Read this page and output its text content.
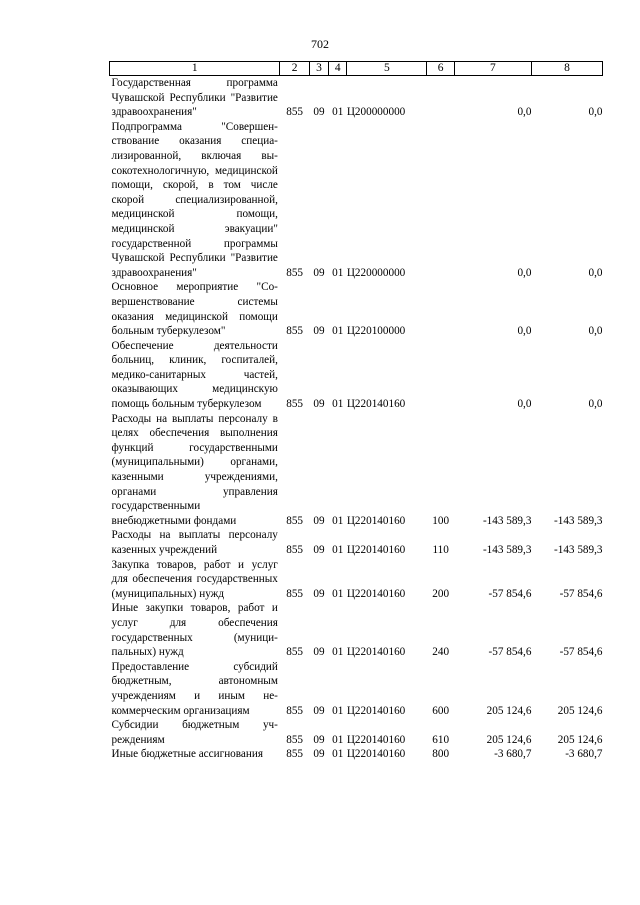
702
1	2	3	4	5	6	7	8
Государственная программа Чувашской Республики "Развитие здравоохранения"	855	09	01	Ц200000000		0,0	0,0
Подпрограмма "Совершенствование оказания специализированной, включая высокотехнологичную, медицинской помощи, скорой, в том числе скорой специализированной, медицинской помощи, медицинской эвакуации" государственной программы Чувашской Республики "Развитие здравоохранения"	855	09	01	Ц220000000		0,0	0,0
Основное мероприятие "Совершенствование системы оказания медицинской помощи больным туберкулезом"	855	09	01	Ц220100000		0,0	0,0
Обеспечение деятельности больниц, клиник, госпиталей, медико-санитарных частей, оказывающих медицинскую помощь больным туберкулезом	855	09	01	Ц220140160		0,0	0,0
Расходы на выплаты персоналу в целях обеспечения выполнения функций государственными (муниципальными) органами, казенными учреждениями, органами управления государственными внебюджетными фондами	855	09	01	Ц220140160	100	-143 589,3	-143 589,3
Расходы на выплаты персоналу казенных учреждений	855	09	01	Ц220140160	110	-143 589,3	-143 589,3
Закупка товаров, работ и услуг для обеспечения государственных (муниципальных) нужд	855	09	01	Ц220140160	200	-57 854,6	-57 854,6
Иные закупки товаров, работ и услуг для обеспечения государственных (муниципальных) нужд	855	09	01	Ц220140160	240	-57 854,6	-57 854,6
Предоставление субсидий бюджетным, автономным учреждениям и иным некоммерческим организациям	855	09	01	Ц220140160	600	205 124,6	205 124,6
Субсидии бюджетным учреждениям	855	09	01	Ц220140160	610	205 124,6	205 124,6
Иные бюджетные ассигнования	855	09	01	Ц220140160	800	-3 680,7	-3 680,7
